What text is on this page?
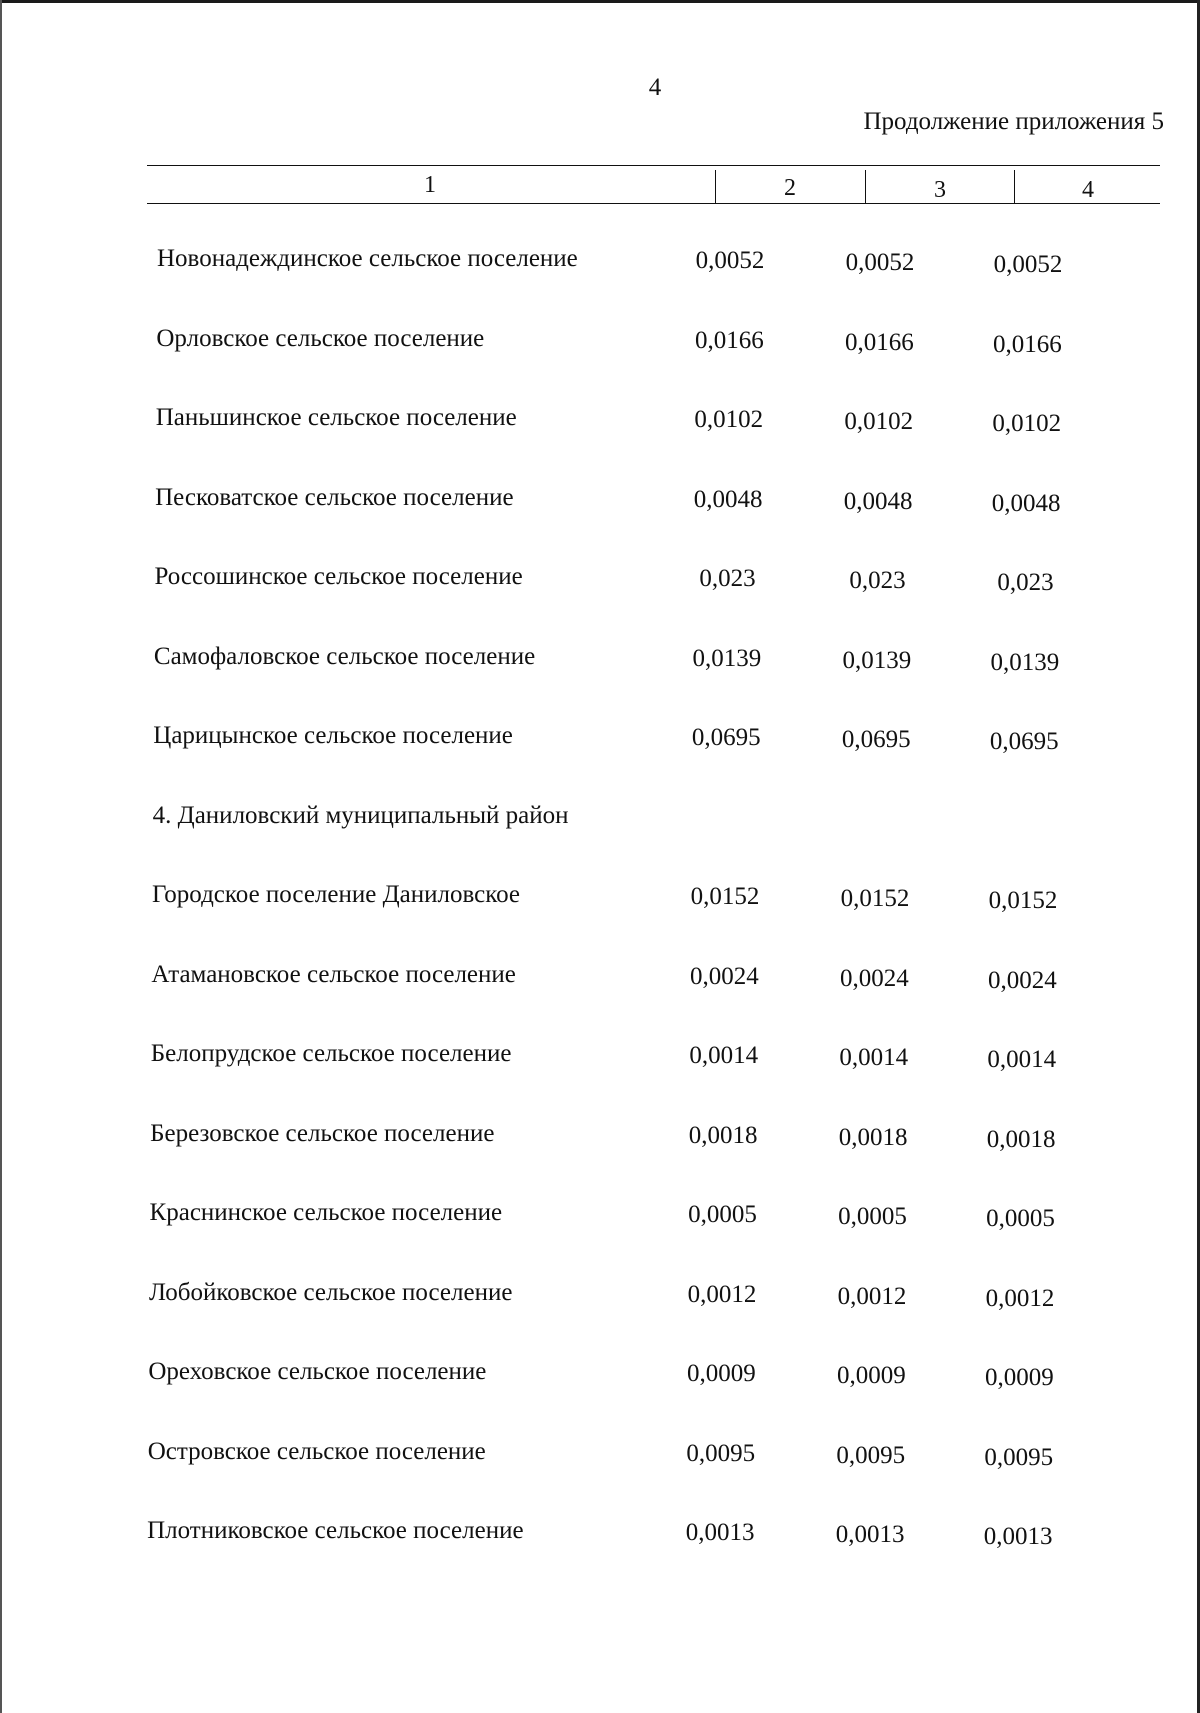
4
Продолжение приложения 5
1	2	3	4
Новонадеждинское сельское поселение	0,0052	0,0052	0,0052
Орловское сельское поселение	0,0166	0,0166	0,0166
Паньшинское сельское поселение	0,0102	0,0102	0,0102
Песковатское сельское поселение	0,0048	0,0048	0,0048
Россошинское сельское поселение	0,023	0,023	0,023
Самофаловское сельское поселение	0,0139	0,0139	0,0139
Царицынское сельское поселение	0,0695	0,0695	0,0695
4. Даниловский муниципальный район
Городское поселение Даниловское	0,0152	0,0152	0,0152
Атамановское сельское поселение	0,0024	0,0024	0,0024
Белопрудское сельское поселение	0,0014	0,0014	0,0014
Березовское сельское поселение	0,0018	0,0018	0,0018
Краснинское сельское поселение	0,0005	0,0005	0,0005
Лобойковское сельское поселение	0,0012	0,0012	0,0012
Ореховское сельское поселение	0,0009	0,0009	0,0009
Островское сельское поселение	0,0095	0,0095	0,0095
Плотниковское сельское поселение	0,0013	0,0013	0,0013
